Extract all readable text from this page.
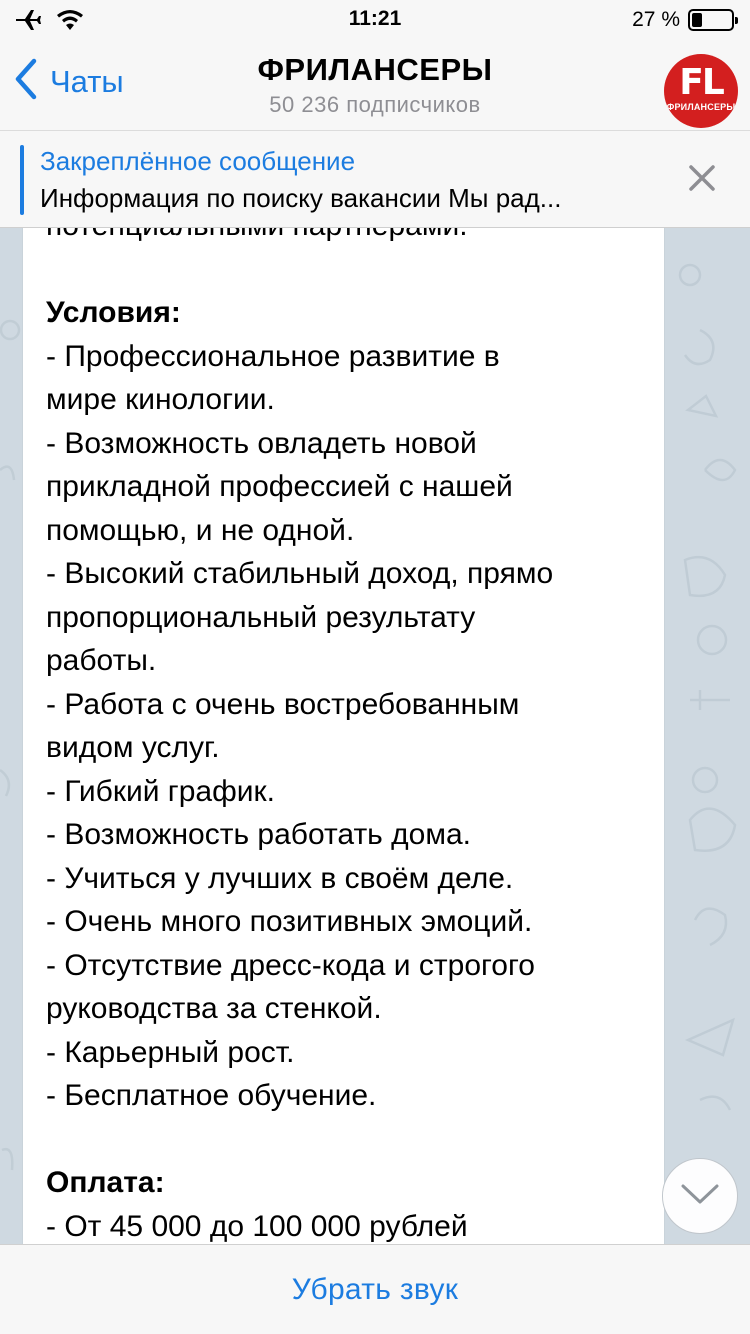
Условия:
- Профессиональное развитие в
мире кинологии.
- Возможность овладеть новой
прикладной профессией с нашей
помощью, и не одной.
- Высокий стабильный доход, прямо
пропорциональный результату
работы.
- Работа с очень востребованным
видом услуг.
- Гибкий график.
- Возможность работать дома.
- Учиться у лучших в своём деле.
- Очень много позитивных эмоций.
- Отсутствие дресс-кода и строгого
руководства за стенкой.
- Карьерный рост.
- Бесплатное обучение.
Оплата:
- От 45 000 до 100 000 рублей
11:21	27 %
Чаты	ФРИЛАНСЕРЫ
50 236 подписчиков
FL
ФРИЛАНСЕРЫ
Закреплённое сообщение
Информация по поиску вакансии Мы рад...
Убрать звук
